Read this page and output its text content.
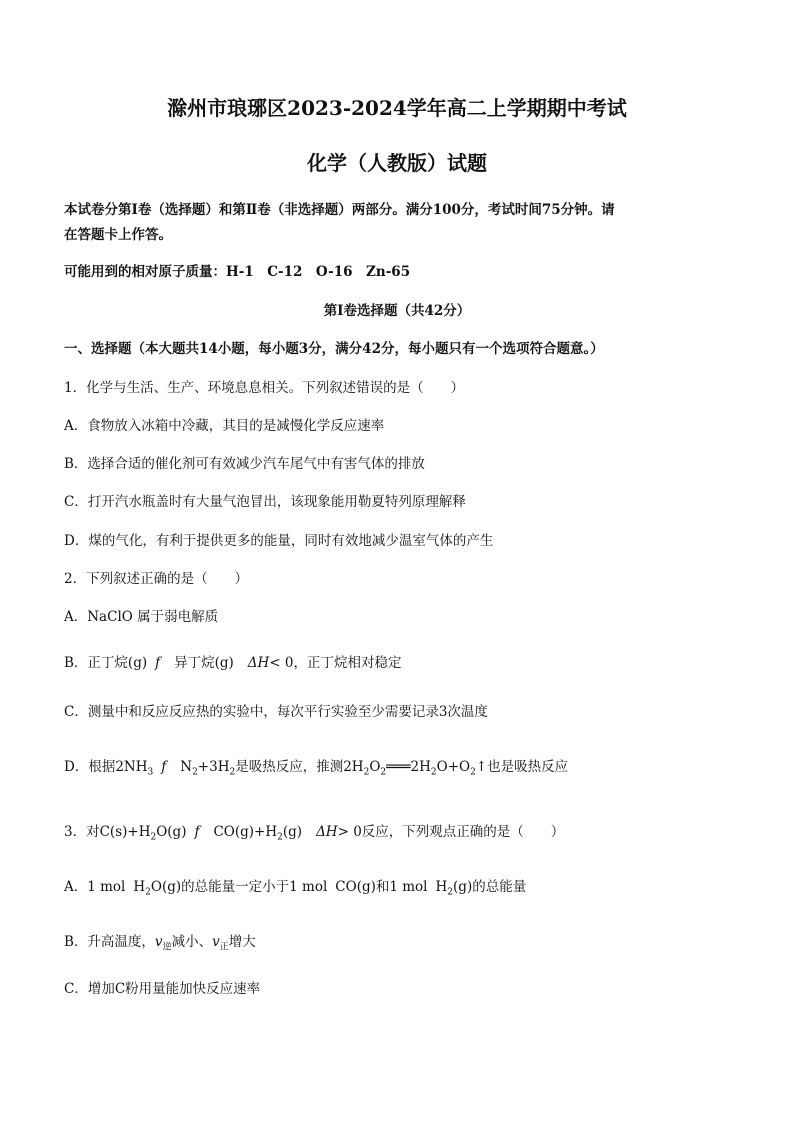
滁州市琅琊区2023-2024学年高二上学期期中考试
化学（人教版）试题
本试卷分第Ⅰ卷（选择题）和第Ⅱ卷（非选择题）两部分。满分100分，考试时间75分钟。请
在答题卡上作答。
可能用到的相对原子质量：H-1　C-12　O-16　Zn-65
第Ⅰ卷选择题（共42分）
一、选择题（本大题共14小题，每小题3分，满分42分，每小题只有一个选项符合题意。）
1．化学与生活、生产、环境息息相关。下列叙述错误的是（　　）
A．食物放入冰箱中冷藏，其目的是减慢化学反应速率
B．选择合适的催化剂可有效减少汽车尾气中有害气体的排放
C．打开汽水瓶盖时有大量气泡冒出，该现象能用勒夏特列原理解释
D．煤的气化，有利于提供更多的能量，同时有效地减少温室气体的产生
2．下列叙述正确的是（　　）
A．NaClO 属于弱电解质
B．正丁烷(g) f 异丁烷(g) ΔH< 0，正丁烷相对稳定
C．测量中和反应反应热的实验中，每次平行实验至少需要记录3次温度
D．根据$2NH_3$ f $N_2+3H_2$是吸热反应，推测$2H_2O_2═══2H_2O+O_2↑$也是吸热反应
3．对$C(s)+H_2O(g)$ f $CO(g)+H_2(g)$ ΔH> 0反应，下列观点正确的是（　　）
A．1 mol $H_2O(g)$的总能量一定小于1 mol CO(g)和1 mol $H_2(g)$的总能量
B．升高温度，$v_逆$减小、$v_正$增大
C．增加C粉用量能加快反应速率
